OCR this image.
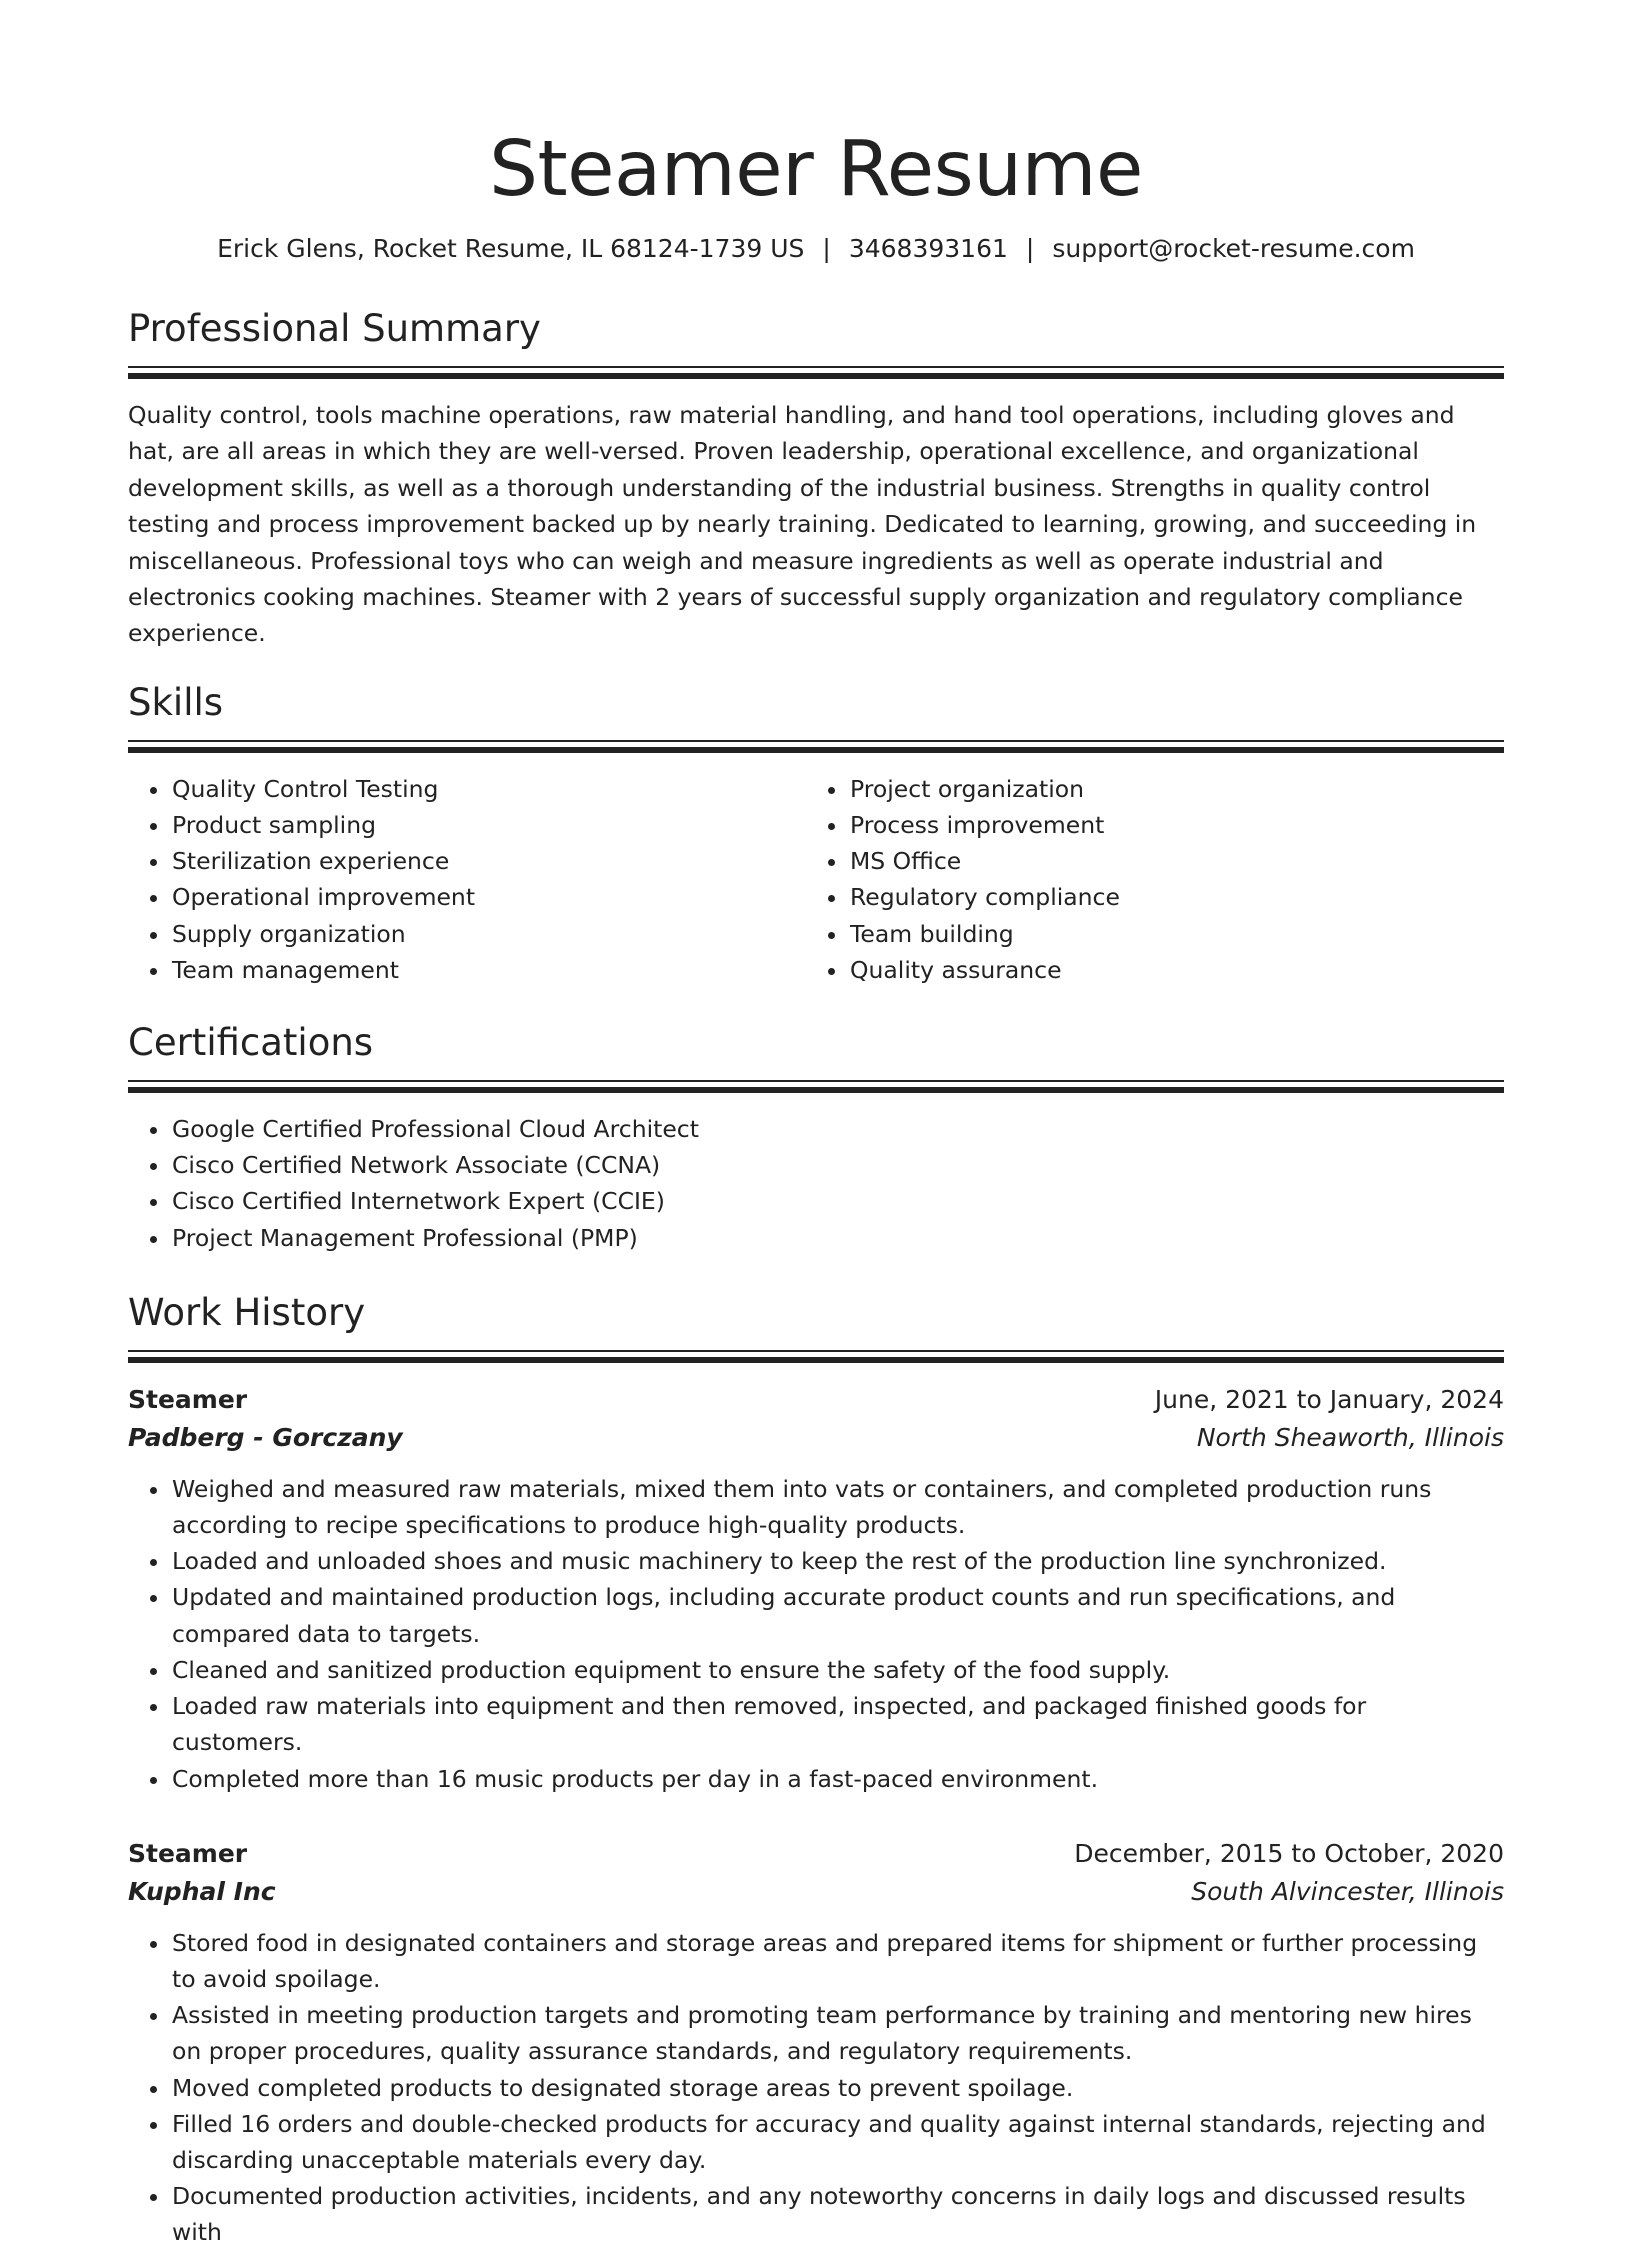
Steamer Resume
Erick Glens, Rocket Resume, IL 68124-1739 US | 3468393161 | support@rocket-resume.com
Professional Summary

Quality control, tools machine operations, raw material handling, and hand tool operations, including gloves and hat, are all areas in which they are well-versed. Proven leadership, operational excellence, and organizational development skills, as well as a thorough understanding of the industrial business. Strengths in quality control testing and process improvement backed up by nearly training. Dedicated to learning, growing, and succeeding in miscellaneous. Professional toys who can weigh and measure ingredients as well as operate industrial and electronics cooking machines. Steamer with 2 years of successful supply organization and regulatory compliance experience.

Skills
• Quality Control Testing
• Product sampling
• Sterilization experience
• Operational improvement
• Supply organization
• Team management
• Project organization
• Process improvement
• MS Office
• Regulatory compliance
• Team building
• Quality assurance
Certifications
• Google Certified Professional Cloud Architect
• Cisco Certified Network Associate (CCNA)
• Cisco Certified Internetwork Expert (CCIE)
• Project Management Professional (PMP)
Work History
Steamer	June, 2021 to January, 2024
Padberg - Gorczany	North Sheaworth, Illinois
• Weighed and measured raw materials, mixed them into vats or containers, and completed production runs according to recipe specifications to produce high-quality products.
• Loaded and unloaded shoes and music machinery to keep the rest of the production line synchronized.
• Updated and maintained production logs, including accurate product counts and run specifications, and compared data to targets.
• Cleaned and sanitized production equipment to ensure the safety of the food supply.
• Loaded raw materials into equipment and then removed, inspected, and packaged finished goods for customers.
• Completed more than 16 music products per day in a fast-paced environment.
Steamer	December, 2015 to October, 2020
Kuphal Inc	South Alvincester, Illinois
• Stored food in designated containers and storage areas and prepared items for shipment or further processing to avoid spoilage.
• Assisted in meeting production targets and promoting team performance by training and mentoring new hires on proper procedures, quality assurance standards, and regulatory requirements.
• Moved completed products to designated storage areas to prevent spoilage.
• Filled 16 orders and double-checked products for accuracy and quality against internal standards, rejecting and discarding unacceptable materials every day.
• Documented production activities, incidents, and any noteworthy concerns in daily logs and discussed results with
